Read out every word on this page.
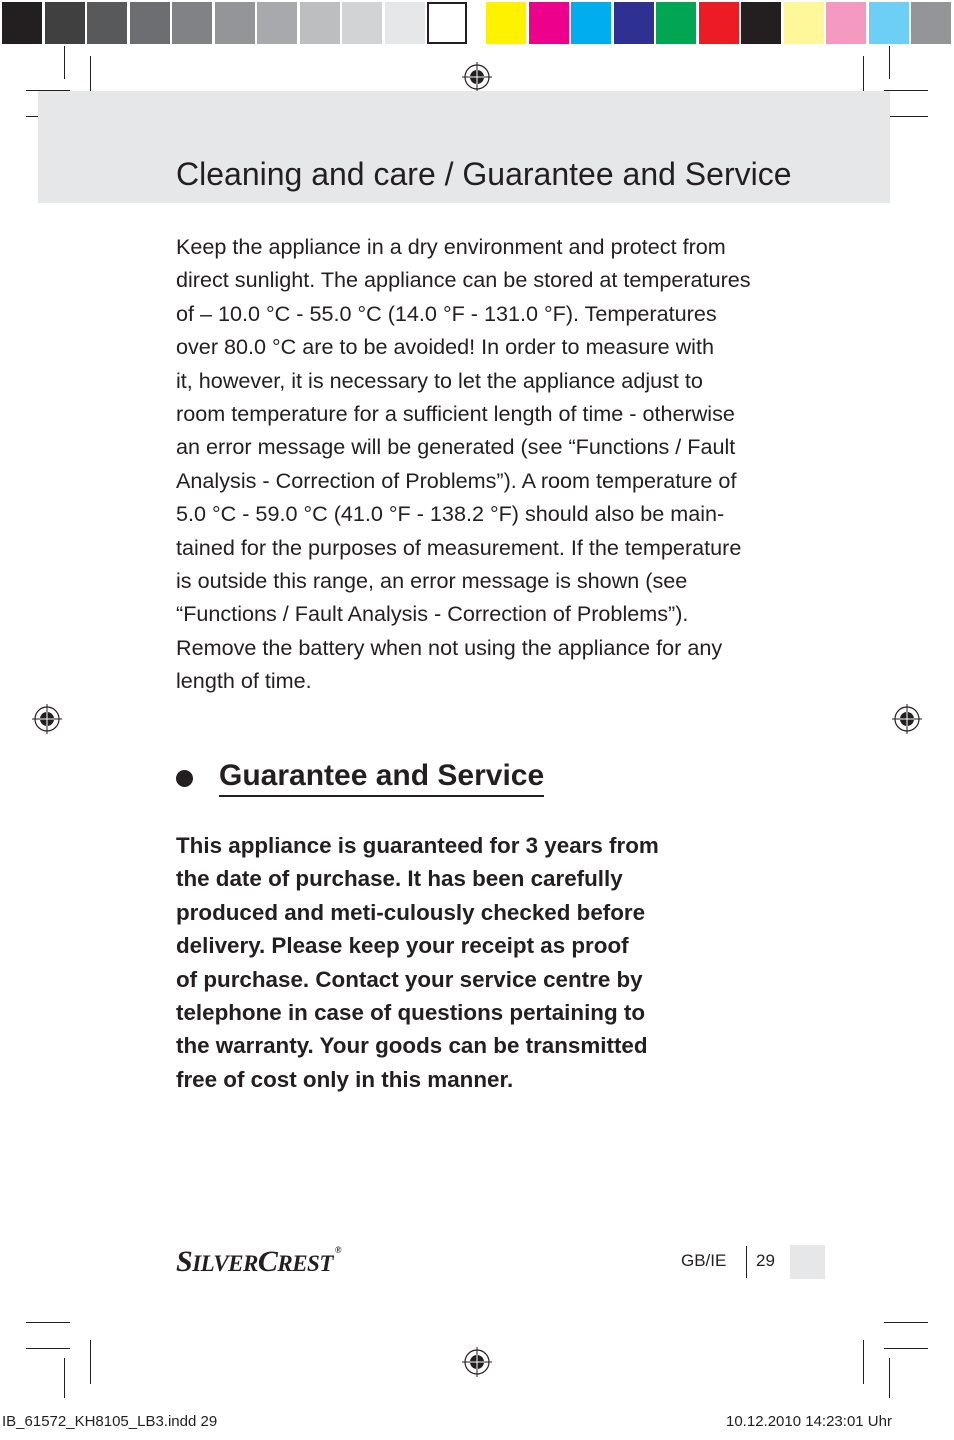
Cleaning and care / Guarantee and Service

Keep the appliance in a dry environment and protect from
direct sunlight. The appliance can be stored at temperatures
of – 10.0 °C - 55.0 °C (14.0 °F - 131.0 °F). Temperatures
over 80.0 °C are to be avoided! In order to measure with
it, however, it is necessary to let the appliance adjust to
room temperature for a sufficient length of time - otherwise
an error message will be generated (see “Functions / Fault
Analysis - Correction of Problems”). A room temperature of
5.0 °C - 59.0 °C (41.0 °F - 138.2 °F) should also be main-
tained for the purposes of measurement. If the temperature
is outside this range, an error message is shown (see
“Functions / Fault Analysis - Correction of Problems”).
Remove the battery when not using the appliance for any
length of time.

Guarantee and Service

This appliance is guaranteed for 3 years from
the date of purchase. It has been carefully
produced and meti-culously checked before
delivery. Please keep your receipt as proof
of purchase. Contact your service centre by
telephone in case of questions pertaining to
the warranty. Your goods can be transmitted
free of cost only in this manner.

SILVERCREST®
GB/IE 29
IB_61572_KH8105_LB3.indd 29	10.12.2010 14:23:01 Uhr
